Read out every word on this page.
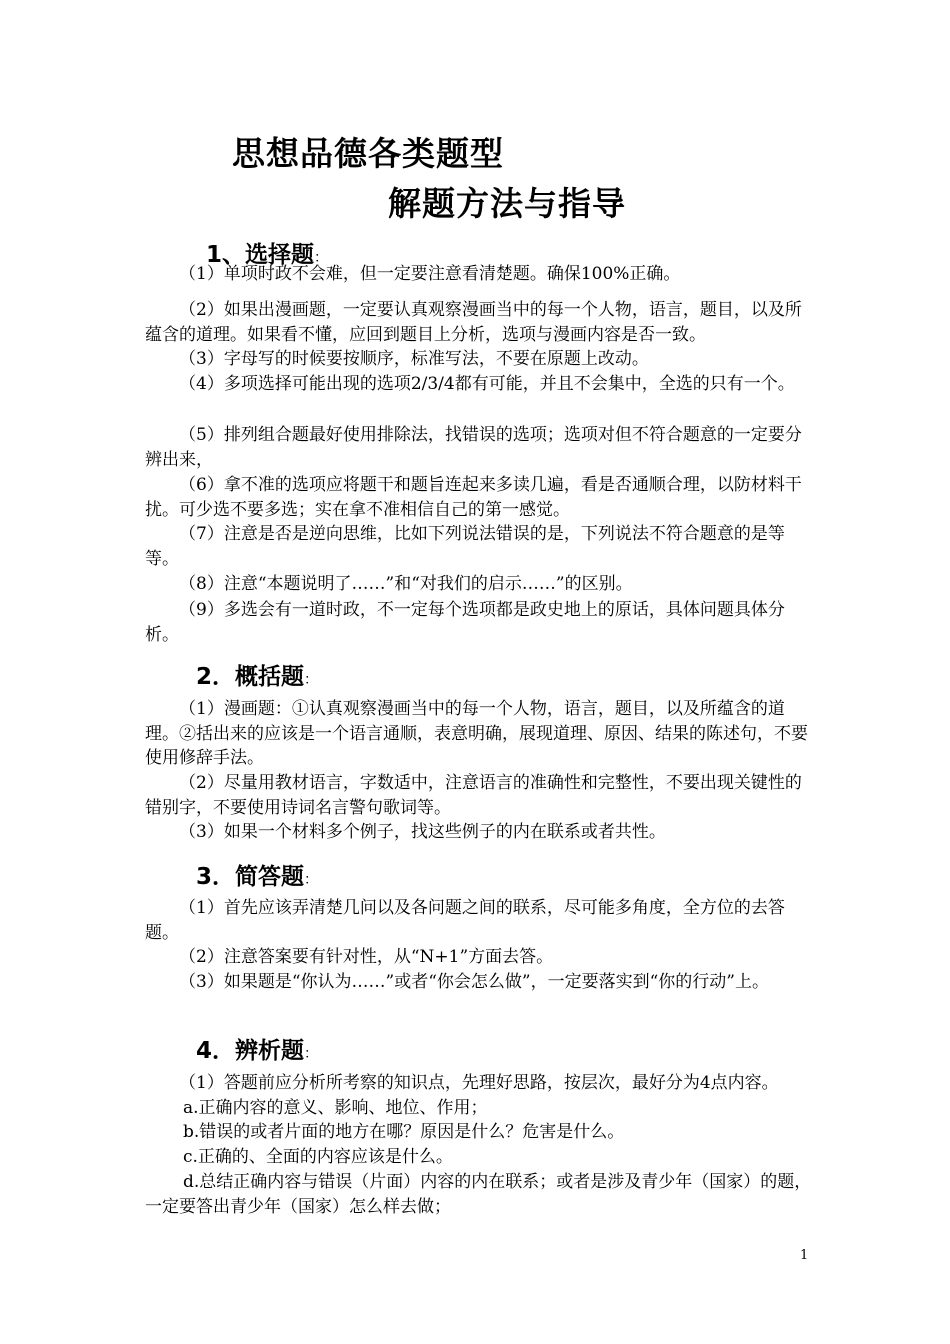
思想品德各类题型
解题方法与指导
1、选择题：

（1）单项时政不会难，但一定要注意看清楚题。确保100%正确。

（2）如果出漫画题，一定要认真观察漫画当中的每一个人物，语言，题目，以及所蕴含的道理。如果看不懂，应回到题目上分析，选项与漫画内容是否一致。

（3）字母写的时候要按顺序，标准写法，不要在原题上改动。

（4）多项选择可能出现的选项2/3/4都有可能，并且不会集中，全选的只有一个。

（5）排列组合题最好使用排除法，找错误的选项；选项对但不符合题意的一定要分辨出来，

（6）拿不准的选项应将题干和题旨连起来多读几遍，看是否通顺合理，以防材料干扰。可少选不要多选；实在拿不准相信自己的第一感觉。

（7）注意是否是逆向思维，比如下列说法错误的是，下列说法不符合题意的是等等。

（8）注意“本题说明了……”和“对我们的启示……”的区别。

（9）多选会有一道时政，不一定每个选项都是政史地上的原话，具体问题具体分析。

2．概括题：

（1）漫画题：①认真观察漫画当中的每一个人物，语言，题目，以及所蕴含的道理。②括出来的应该是一个语言通顺，表意明确，展现道理、原因、结果的陈述句，不要使用修辞手法。

（2）尽量用教材语言，字数适中，注意语言的准确性和完整性，不要出现关键性的错别字，不要使用诗词名言警句歌词等。

（3）如果一个材料多个例子，找这些例子的内在联系或者共性。

3．简答题：

（1）首先应该弄清楚几问以及各问题之间的联系，尽可能多角度，全方位的去答题。

（2）注意答案要有针对性，从“N+1”方面去答。

（3）如果题是“你认为……”或者“你会怎么做”，一定要落实到“你的行动”上。

4．辨析题：

（1）答题前应分析所考察的知识点，先理好思路，按层次，最好分为4点内容。

a.正确内容的意义、影响、地位、作用；

b.错误的或者片面的地方在哪？原因是什么？危害是什么。

c.正确的、全面的内容应该是什么。

d.总结正确内容与错误（片面）内容的内在联系；或者是涉及青少年（国家）的题，一定要答出青少年（国家）怎么样去做；

1
